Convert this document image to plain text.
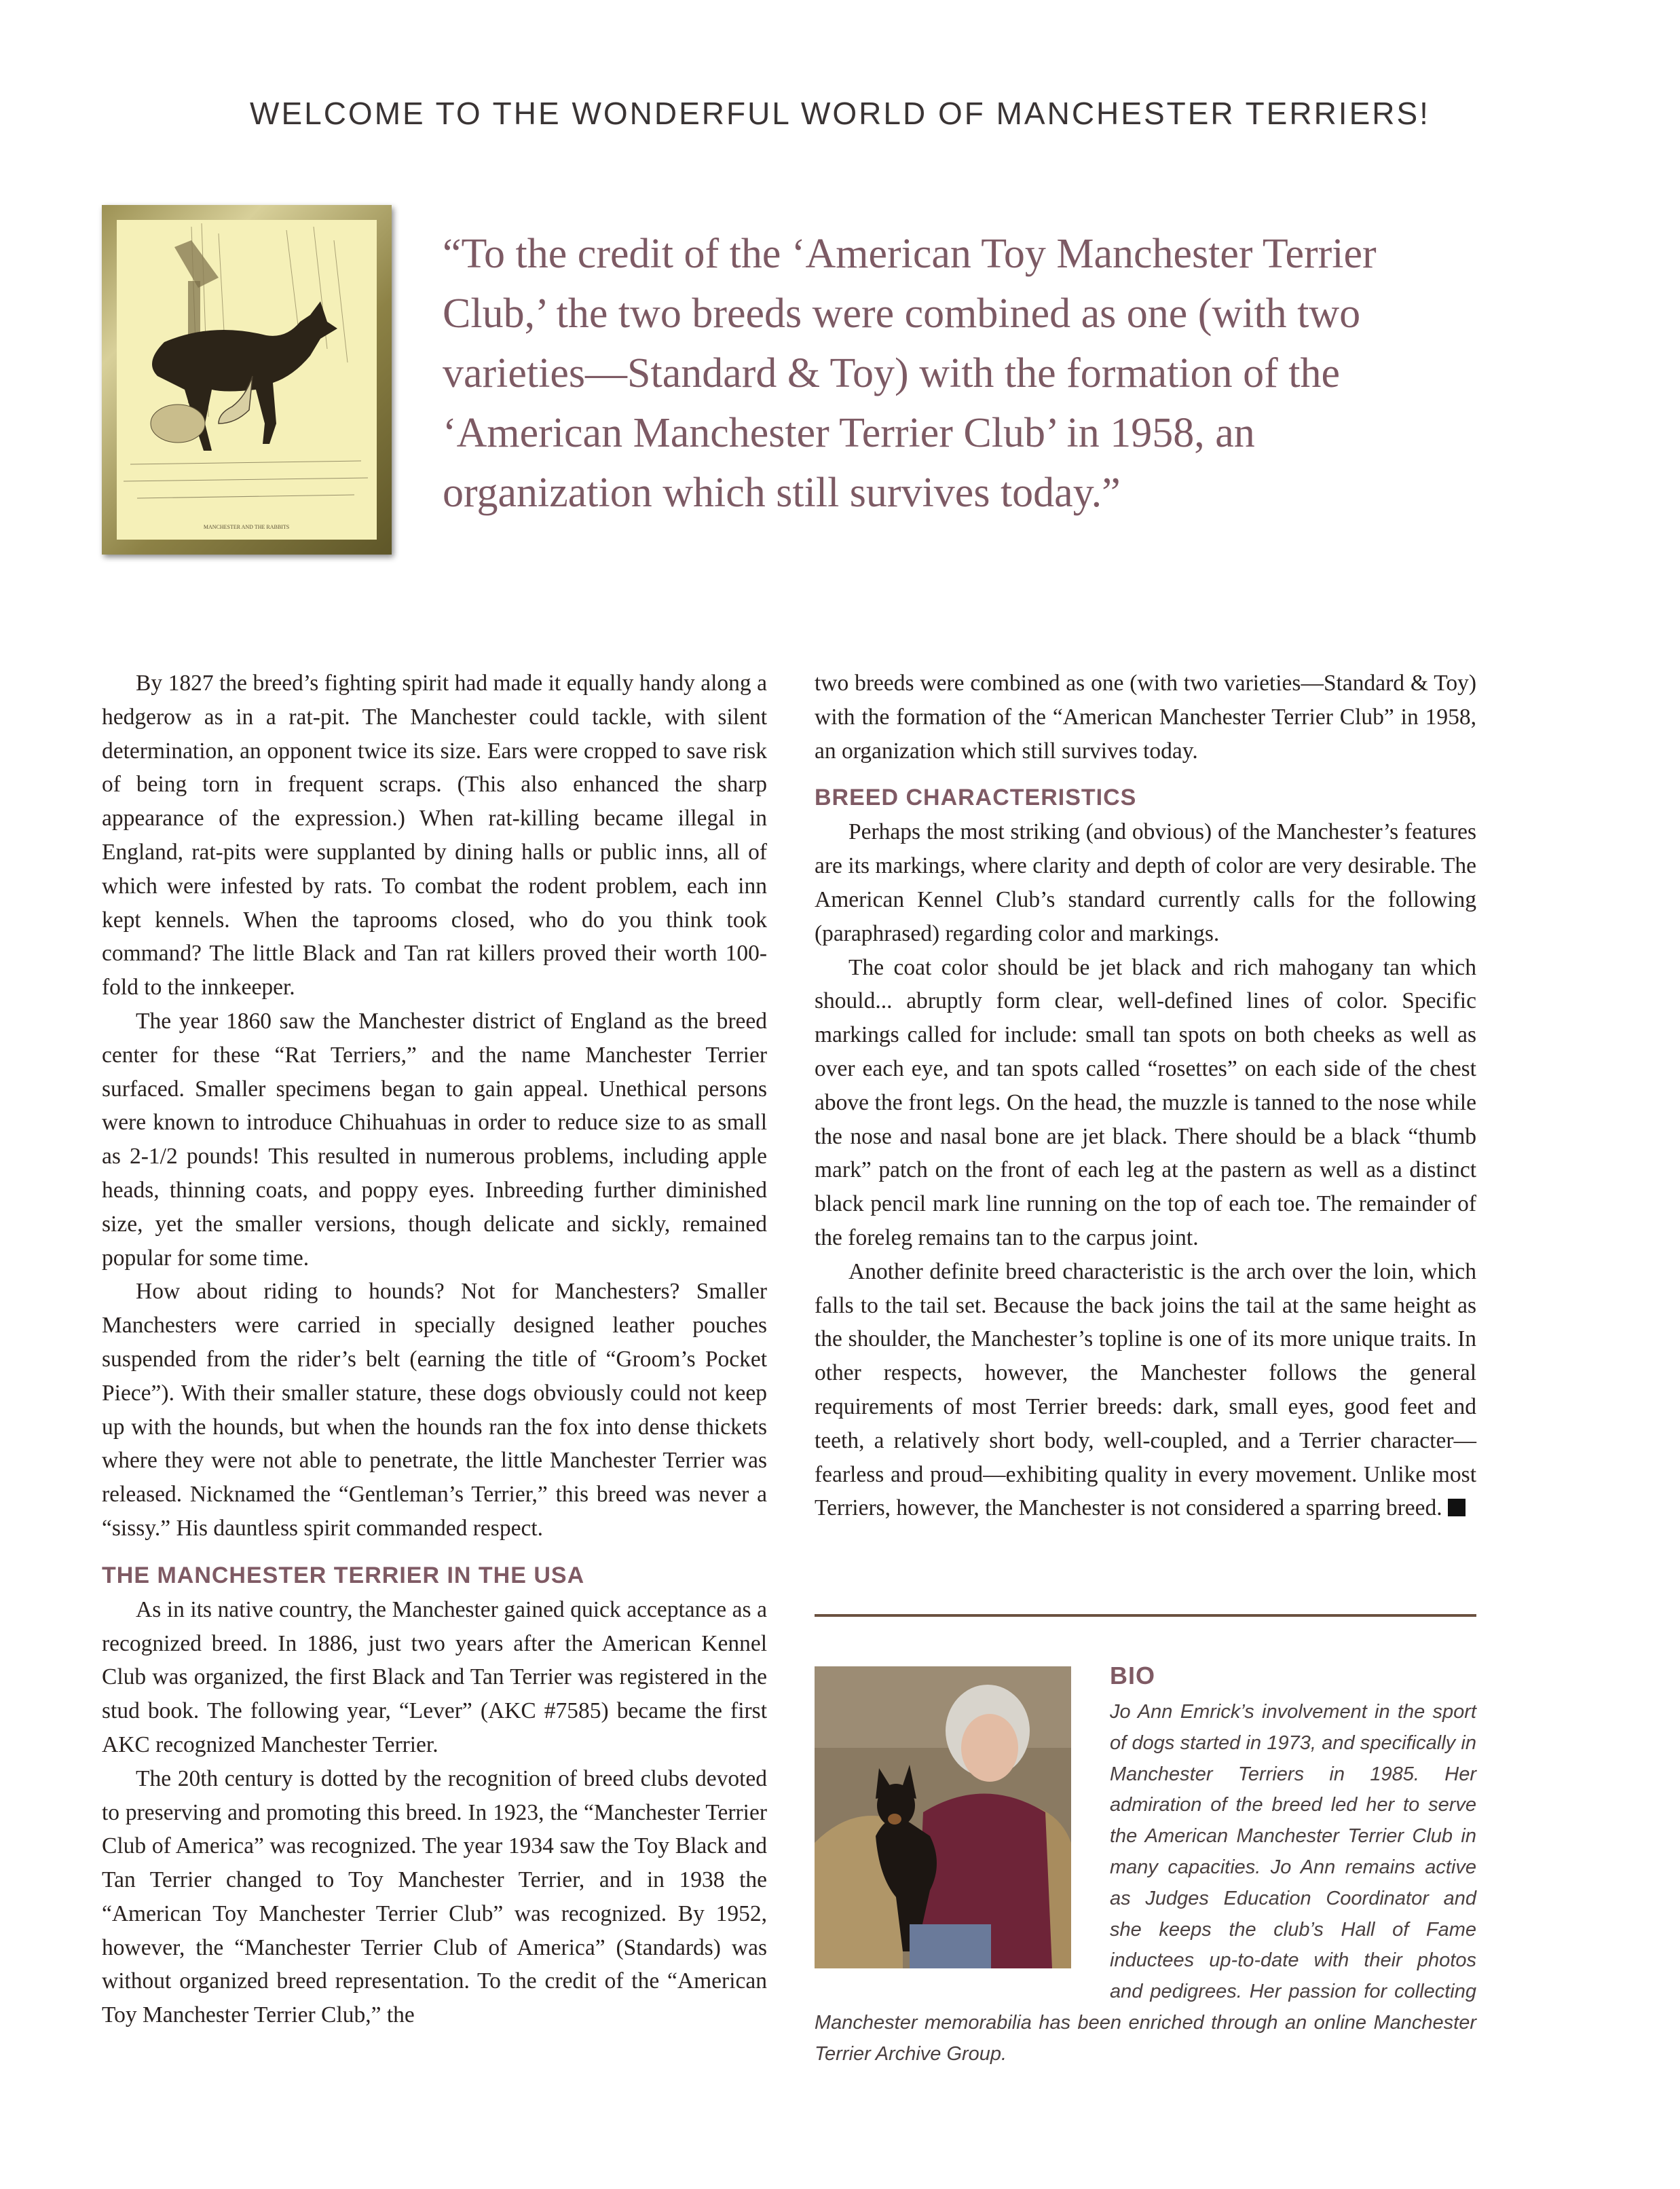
WELCOME TO THE WONDERFUL WORLD OF MANCHESTER TERRIERS!
MANCHESTER AND THE RABBITS
“To the credit of the ‘American Toy Manchester Terrier Club,’ the two breeds were combined as one (with two varieties—Standard & Toy) with the formation of the ‘American Manchester Terrier Club’ in 1958, an organization which still survives today.”

By 1827 the breed’s fighting spirit had made it equally handy along a hedgerow as in a rat-pit. The Manchester could tackle, with silent determination, an opponent twice its size. Ears were cropped to save risk of being torn in frequent scraps. (This also enhanced the sharp appearance of the expression.) When rat-killing became illegal in England, rat-pits were supplanted by dining halls or public inns, all of which were infested by rats. To combat the rodent problem, each inn kept kennels. When the taprooms closed, who do you think took command? The little Black and Tan rat killers proved their worth 100-fold to the innkeeper.

The year 1860 saw the Manchester district of England as the breed center for these “Rat Terriers,” and the name Manchester Terrier surfaced. Smaller specimens began to gain appeal. Unethical persons were known to introduce Chihuahuas in order to reduce size to as small as 2-1/2 pounds! This resulted in numerous problems, including apple heads, thinning coats, and poppy eyes. Inbreeding further diminished size, yet the smaller versions, though delicate and sickly, remained popular for some time.

How about riding to hounds? Not for Manchesters? Smaller Manchesters were carried in specially designed leather pouches suspended from the rider’s belt (earning the title of “Groom’s Pocket Piece”). With their smaller stature, these dogs obviously could not keep up with the hounds, but when the hounds ran the fox into dense thickets where they were not able to penetrate, the little Manchester Terrier was released. Nicknamed the “Gentleman’s Terrier,” this breed was never a “sissy.” His dauntless spirit commanded respect.

THE MANCHESTER TERRIER IN THE USA

As in its native country, the Manchester gained quick acceptance as a recognized breed. In 1886, just two years after the American Kennel Club was organized, the first Black and Tan Terrier was registered in the stud book. The following year, “Lever” (AKC #7585) became the first AKC recognized Manchester Terrier.

The 20th century is dotted by the recognition of breed clubs devoted to preserving and promoting this breed. In 1923, the “Manchester Terrier Club of America” was recognized. The year 1934 saw the Toy Black and Tan Terrier changed to Toy Manchester Terrier, and in 1938 the “American Toy Manchester Terrier Club” was recognized. By 1952, however, the “Manchester Terrier Club of America” (Standards) was without organized breed representation. To the credit of the “American Toy Manchester Terrier Club,” the

two breeds were combined as one (with two varieties—Standard & Toy) with the formation of the “American Manchester Terrier Club” in 1958, an organization which still survives today.

BREED CHARACTERISTICS

Perhaps the most striking (and obvious) of the Manchester’s features are its markings, where clarity and depth of color are very desirable. The American Kennel Club’s standard currently calls for the following (paraphrased) regarding color and markings.

The coat color should be jet black and rich mahogany tan which should... abruptly form clear, well-defined lines of color. Specific markings called for include: small tan spots on both cheeks as well as over each eye, and tan spots called “rosettes” on each side of the chest above the front legs. On the head, the muzzle is tanned to the nose while the nose and nasal bone are jet black. There should be a black “thumb mark” patch on the front of each leg at the pastern as well as a distinct black pencil mark line running on the top of each toe. The remainder of the foreleg remains tan to the carpus joint.

Another definite breed characteristic is the arch over the loin, which falls to the tail set. Because the back joins the tail at the same height as the shoulder, the Manchester’s topline is one of its more unique traits. In other respects, however, the Manchester follows the general requirements of most Terrier breeds: dark, small eyes, good feet and teeth, a relatively short body, well-coupled, and a Terrier character—fearless and proud—exhibiting quality in every movement. Unlike most Terriers, however, the Manchester is not considered a sparring breed.

BIO
Jo Ann Emrick’s involvement in the sport of dogs started in 1973, and specifically in Manchester Terriers in 1985. Her admiration of the breed led her to serve the American Manchester Terrier Club in many capacities. Jo Ann remains active as Judges Education Coordinator and she keeps the club’s Hall of Fame inductees up-to-date with their photos and pedigrees. Her passion for collecting Manchester memorabilia has been enriched through an online Manchester Terrier Archive Group.
